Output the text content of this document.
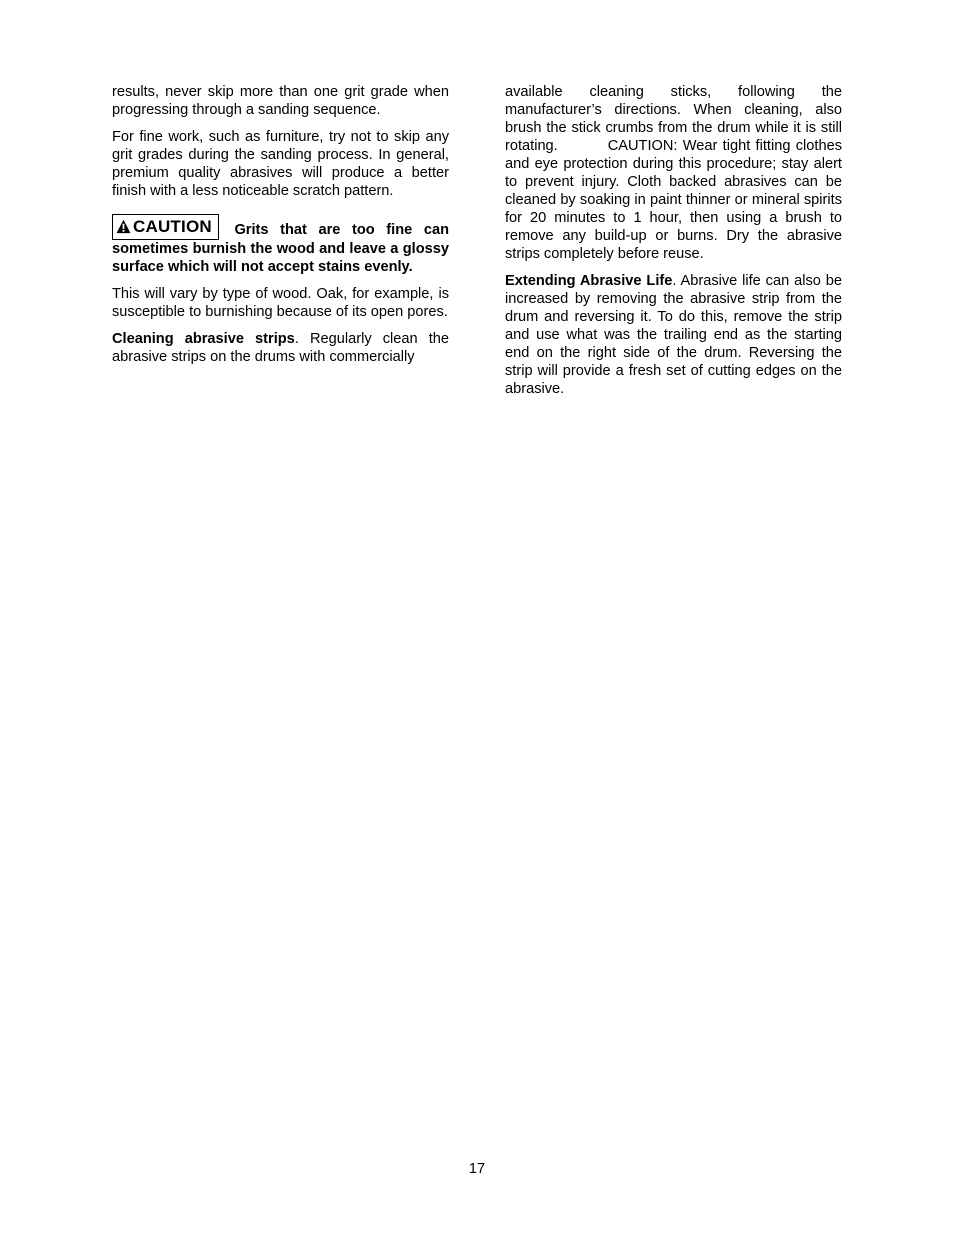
results, never skip more than one grit grade when progressing through a sanding sequence.

For fine work, such as furniture, try not to skip any grit grades during the sanding process. In general, premium quality abrasives will produce a better finish with a less noticeable scratch pattern.

CAUTION Grits that are too fine can sometimes burnish the wood and leave a glossy surface which will not accept stains evenly.

This will vary by type of wood. Oak, for example, is susceptible to burnishing because of its open pores.

Cleaning abrasive strips. Regularly clean the abrasive strips on the drums with commercially

available cleaning sticks, following the manufacturer’s directions. When cleaning, also brush the stick crumbs from the drum while it is still rotating.	CAUTION: Wear tight fitting clothes and eye protection during this procedure; stay alert to prevent injury. Cloth backed abrasives can be cleaned by soaking in paint thinner or mineral spirits for 20 minutes to 1 hour, then using a brush to remove any build-up or burns. Dry the abrasive strips completely before reuse.

Extending Abrasive Life. Abrasive life can also be increased by removing the abrasive strip from the drum and reversing it. To do this, remove the strip and use what was the trailing end as the starting end on the right side of the drum. Reversing the strip will provide a fresh set of cutting edges on the abrasive.

17
